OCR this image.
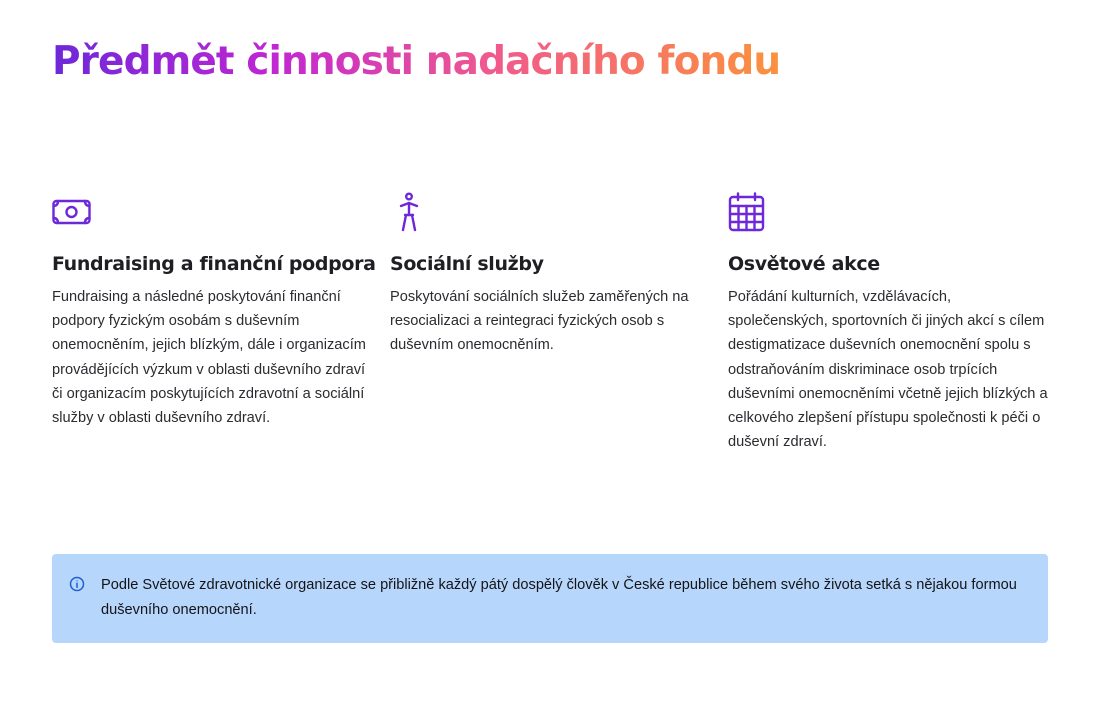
Předmět činnosti nadačního fondu
Fundraising a finanční podpora

Fundraising a následné poskytování finanční podpory fyzickým osobám s duševním onemocněním, jejich blízkým, dále i organizacím provádějících výzkum v oblasti duševního zdraví či organizacím poskytujících zdravotní a sociální služby v oblasti duševního zdraví.

Sociální služby

Poskytování sociálních služeb zaměřených na resocializaci a reintegraci fyzických osob s duševním onemocněním.

Osvětové akce

Pořádání kulturních, vzdělávacích, společenských, sportovních či jiných akcí s cílem destigmatizace duševních onemocnění spolu s odstraňováním diskriminace osob trpících duševními onemocněními včetně jejich blízkých a celkového zlepšení přístupu společnosti k péči o duševní zdraví.

Podle Světové zdravotnické organizace se přibližně každý pátý dospělý člověk v České republice během svého života setká s nějakou formou duševního onemocnění.
